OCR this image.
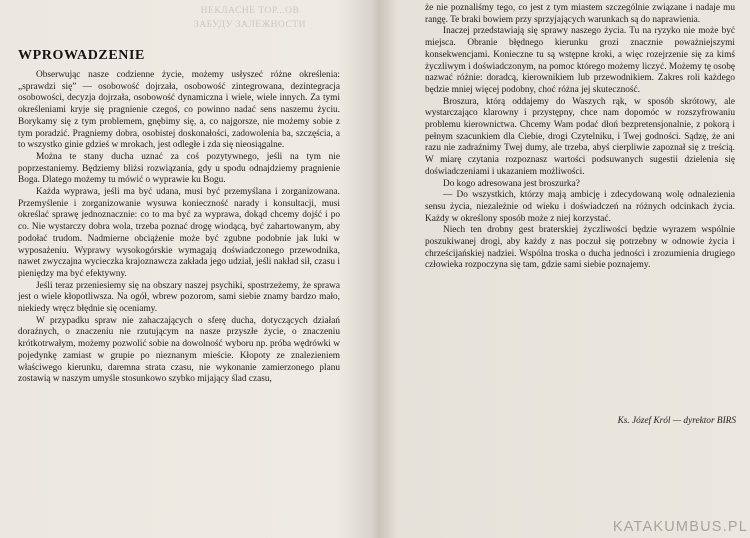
НЕКЛАСНЕ ТОР...ОВ
ЗАБУДУ ЗАЛЕЖНОСТИ
WPROWADZENIE

Obserwując nasze codzienne życie, możemy usłyszeć różne określenia: „sprawdzi się” — osobowość dojrzała, osobowość zintegrowana, dezintegracja osobowości, decyzja dojrzała, osobowość dynamiczna i wiele, wiele innych. Za tymi określeniami kryje się pragnienie czegoś, co powinno nadać sens naszemu życiu. Borykamy się z tym problemem, gnębimy się, a, co najgorsze, nie możemy sobie z tym poradzić. Pragniemy dobra, osobistej doskonałości, zadowolenia ba, szczęścia, a to wszystko ginie gdzieś w mrokach, jest odległe i zda się nieosiągalne.

Można te stany ducha uznać za coś pozytywnego, jeśli na tym nie poprzestaniemy. Będziemy bliżsi rozwiązania, gdy u spodu odnajdziemy pragnienie Boga. Dlatego możemy tu mówić o wyprawie ku Bogu.

Każda wyprawa, jeśli ma być udana, musi być przemyślana i zorganizowana. Przemyślenie i zorganizowanie wysuwa konieczność narady i konsultacji, musi określać sprawę jednoznacznie: co to ma być za wyprawa, dokąd chcemy dojść i po co. Nie wystarczy dobra wola, trzeba poznać drogę wiodącą, być zahartowanym, aby podołać trudom. Nadmierne obciążenie może być zgubne podobnie jak luki w wyposażeniu. Wyprawy wysokogórskie wymagają doświadczonego przewodnika, nawet zwyczajna wycieczka krajoznawcza zakłada jego udział, jeśli nakład sił, czasu i pieniędzy ma być efektywny.

Jeśli teraz przeniesiemy się na obszary naszej psychiki, spostrzeżemy, że sprawa jest o wiele kłopotliwsza. Na ogół, wbrew pozorom, sami siebie znamy bardzo mało, niekiedy wręcz błędnie się oceniamy.

W przypadku spraw nie zahaczających o sferę ducha, dotyczących działań doraźnych, o znaczeniu nie rzutującym na nasze przyszłe życie, o znaczeniu krótkotrwałym, możemy pozwolić sobie na dowolność wyboru np. próba wędrówki w pojedynkę zamiast w grupie po nieznanym mieście. Kłopoty ze znalezieniem właściwego kierunku, daremna strata czasu, nie wykonanie zamierzonego planu zostawią w naszym umyśle stosunkowo szybko mijający ślad czasu,

że nie poznaliśmy tego, co jest z tym miastem szczególnie związane i nadaje mu rangę. Te braki bowiem przy sprzyjających warunkach są do naprawienia.

Inaczej przedstawiają się sprawy naszego życia. Tu na ryzyko nie może być miejsca. Obranie błędnego kierunku grozi znacznie poważniejszymi konsekwencjami. Konieczne tu są wstępne kroki, a więc rozejrzenie się za kimś życzliwym i doświadczonym, na pomoc którego możemy liczyć. Możemy tę osobę nazwać różnie: doradcą, kierownikiem lub przewodnikiem. Zakres roli każdego będzie mniej więcej podobny, choć różna jej skuteczność.

Broszura, którą oddajemy do Waszych rąk, w sposób skrótowy, ale wystarczająco klarowny i przystępny, chce nam dopomóc w rozszyfrowaniu problemu kierownictwa. Chcemy Wam podać dłoń bezpretensjonalnie, z pokorą i pełnym szacunkiem dla Ciebie, drogi Czytelniku, i Twej godności. Sądzę, że ani razu nie zadraźnimy Twej dumy, ale trzeba, abyś cierpliwie zapoznał się z treścią. W miarę czytania rozpoznasz wartości podsuwanych sugestii dzielenia się doświadczeniami i ukazaniem możliwości.

Do kogo adresowana jest broszurka?

— Do wszystkich, którzy mają ambicję i zdecydowaną wolę odnalezienia sensu życia, niezależnie od wieku i doświadczeń na różnych odcinkach życia. Każdy w określony sposób może z niej korzystać.

Niech ten drobny gest braterskiej życzliwości będzie wyrazem wspólnie poszukiwanej drogi, aby każdy z nas poczuł się potrzebny w odnowie życia i chrześcijańskiej nadziei. Wspólna troska o ducha jedności i zrozumienia drugiego człowieka rozpoczyna się tam, gdzie sami siebie poznajemy.

Ks. Józef Król — dyrektor BIRS
KATAKUMBUS.PL
